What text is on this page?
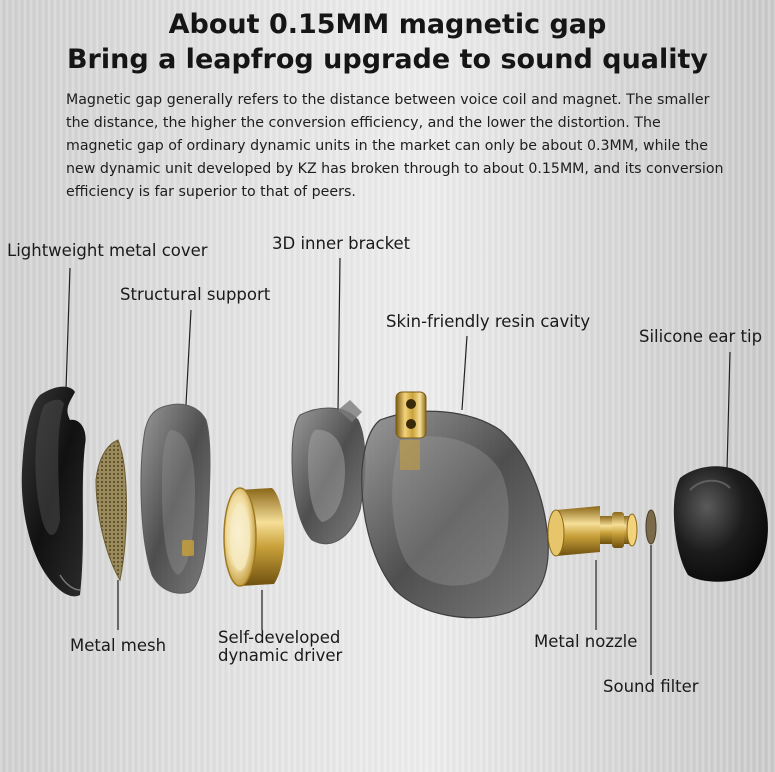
About 0.15MM magnetic gap
Bring a leapfrog upgrade to sound quality

Magnetic gap generally refers to the distance between voice coil and magnet. The smaller the distance, the higher the conversion efficiency, and the lower the distortion. The magnetic gap of ordinary dynamic units in the market can only be about 0.3MM, while the new dynamic unit developed by KZ has broken through to about 0.15MM, and its conversion efficiency is far superior to that of peers.

Lightweight metal cover
Structural support
3D inner bracket
Skin-friendly resin cavity
Silicone ear tip
Metal mesh	Self-developed
dynamic driver
Metal nozzle
Sound filter
